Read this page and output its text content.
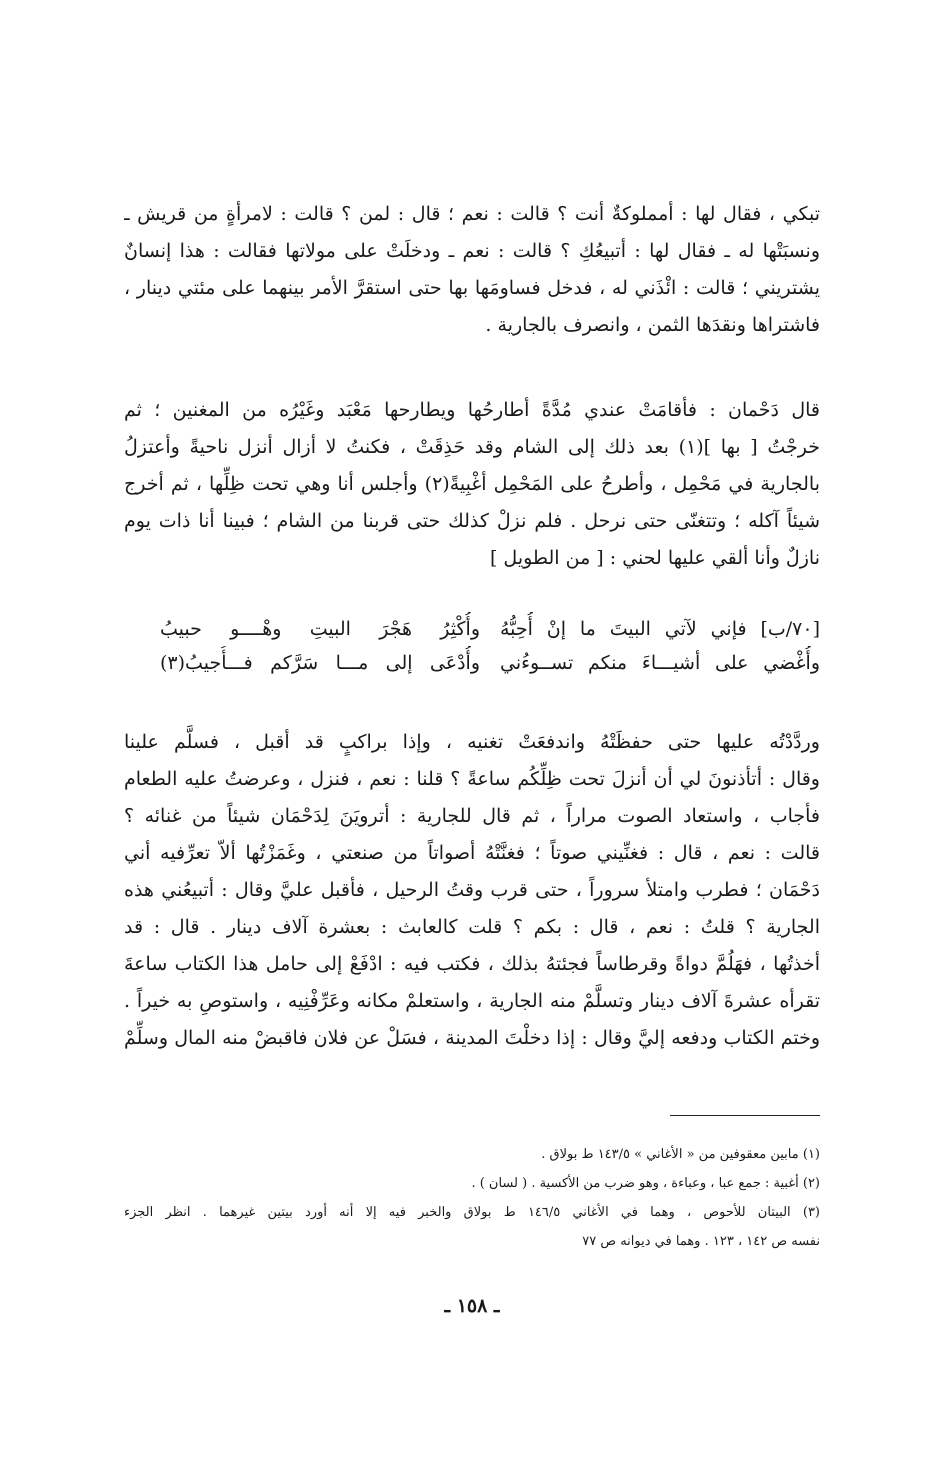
تبكي ، فقال لها : أمملوكةٌ أنت ؟ قالت : نعم ؛ قال : لمن ؟ قالت : لامرأةٍ من قريش ـ
ونسبَتْها له ـ فقال لها : أتبيعُكِ ؟ قالت : نعم ـ ودخلَتْ على مولاتها فقالت : هذا إنسانٌ
يشتريني ؛ قالت : ائْذَني له ، فدخل فساومَها بها حتى استقرَّ الأمر بينهما على مئتي دينار ،
فاشتراها ونقدَها الثمن ، وانصرف بالجارية .
قال دَحْمان : فأقامَتْ عندي مُدَّةً أطارحُها ويطارحها مَعْبَد وغَيْرُه من المغنين ؛ ثم
خرجْتُ [ بها ](١) بعد ذلك إلى الشام وقد حَذِقَتْ ، فكنتُ لا أزال أنزل ناحيةً وأعتزلُ
بالجارية في مَحْمِل ، وأطرحُ على المَحْمِل أغْبِيةً(٢) وأجلس أنا وهي تحت ظِلِّها ، ثم أخرج
شيئاً آكله ؛ وتتغنّى حتى نرحل . فلم نزلْ كذلك حتى قربنا من الشام ؛ فبينا أنا ذات يوم
نازلٌ وأنا ألقي عليها لحني : [ من الطويل ]
[٧٠/ب] فإني لآتي البيتَ ما إنْ أُحِبُّهُ
وأُكْثِرُ هَجْرَ البيتِ وهْــــو حبيبُ
وأُغْضي على أشيـــاءَ منكم تســوءُني
وأُدْعَى إلى مـــا سَرَّكم فـــأُجيبُ(٣)
وردَّدْتُه عليها حتى حفظَتْهُ واندفعَتْ تغنيه ، وإذا براكبٍ قد أقبل ، فسلَّم علينا
وقال : أتأذنونَ لي أن أنزلَ تحت ظِلِّكُم ساعةً ؟ قلنا : نعم ، فنزل ، وعرضتُ عليه الطعام
فأجاب ، واستعاد الصوت مراراً ، ثم قال للجارية : أترويَنَ لِدَحْمَان شيئاً من غنائه ؟
قالت : نعم ، قال : فغنِّيني صوتاً ؛ فغنَّتْهُ أصواتاً من صنعتي ، وغَمَزْتُها ألاّ تعرِّفيه أني
دَحْمَان ؛ فطرب وامتلأ سروراً ، حتى قرب وقتُ الرحيل ، فأقبل عليَّ وقال : أتبيعُني هذه
الجارية ؟ قلتُ : نعم ، قال : بكم ؟ قلت كالعابث : بعشرة آلاف دينار . قال : قد
أخذتُها ، فهَلُمَّ دواةً وقرطاساً فجئتهُ بذلك ، فكتب فيه : ادْفَعْ إلى حامل هذا الكتاب ساعةَ
تقرأه عشرةَ آلاف دينار وتسلَّمْ منه الجارية ، واستعلمْ مكانه وعَرِّفْنِيه ، واستوصِ به خيراً .
وختم الكتاب ودفعه إليَّ وقال : إذا دخلْتَ المدينة ، فسَلْ عن فلان فاقبضْ منه المال وسلِّمْ
(١) مابين معقوفين من « الأغاني » ١٤٣/٥ ط بولاق .
(٢) أغبية : جمع عبا ، وعباءة ، وهو ضرب من الأكسية . ( لسان ) .
(٣) البيتان للأحوص ، وهما في الأغاني ١٤٦/٥ ط بولاق والخبر فيه إلا أنه أورد بيتين غيرهما . انظر الجزء
نفسه ص ١٤٢ ، ١٢٣ . وهما في ديوانه ص ٧٧
ـ ١٥٨ ـ
